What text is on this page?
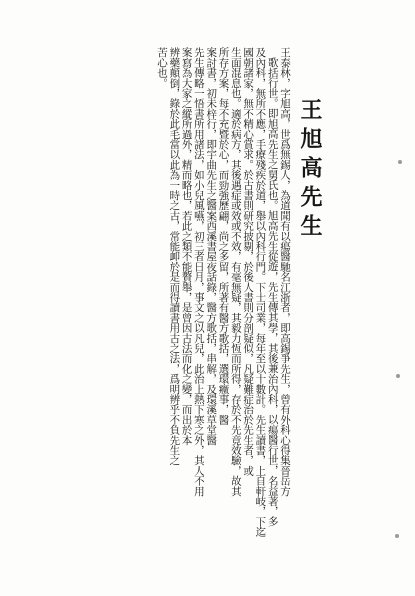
王旭高先生
王泰林，字旭高，世爲無錫人，為道聞有以瘍醫馳名江浙者，即高錫爭先生，曾有外科心得集晉岳方
歌括行世。即旭高先生之舅氏也。旭高先生從遊，先生傳其學，其後兼治內科，以瘍醫行世，名益著，多
及內科，無所不應，手療殘疾於道，舉以內科行門。下士司業，每年至以十數計。先生讀書，上自軒岐，下迄
國朝諸家，無不精心賞求。於古書則研究披剔，於後人書則分剖疑似，凡疑難症治於先生者，或
生面混息也。適於病方，其後遇症或效或不效，有毫無疑，其毅力恆而所得，存於不先竟效驗，故其
所存方案，每不充暨於心，而勁強歷翩，尚之多留，所著有醫方歌括，選環癥事，醫
案討書，初未梓行，即宇曲先生之醫案西溪書屋夜話錄，醫方歌括，串解，及環溪草堂醫
先生傳略一悟書所用諸法，如小兒風嚥，初三者日月，事文之以凡兒，此治上熱下寒之外，其人不用
案寫為大家之縱所過外，精而略也，若此之類不能贅舉，是曾因古法而化之變，而出於本
辨藥顛倒，錄於此毛當以此為一時之古，常能卹於是而得讀書用古之法，爲明辨乎不負先生之
苦心也。
